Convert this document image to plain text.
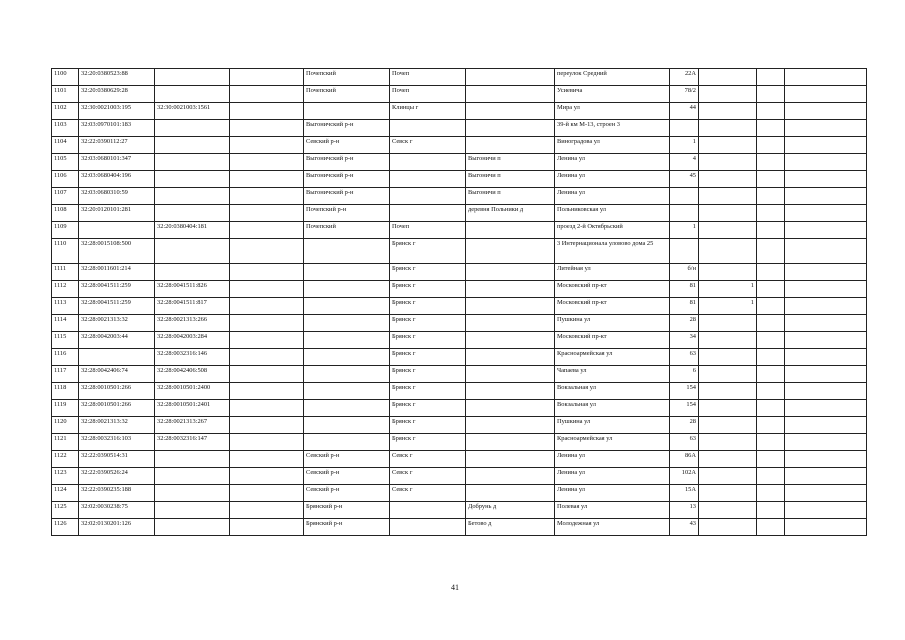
1100	32:20:0380523:88			Почепский	Почеп		переулок Средний	22А			
1101	32:20:0380629:28			Почепский	Почеп		Усиевича	78/2			
1102	32:30:0021003:195	32:30:0021003:1561			Клинцы г		Мира ул	44			
1103	32:03:0970101:183			Выгоничский р-н			39-й км М-13, строен 3				
1104	32:22:0390112:27			Севский р-н	Севск г		Виноградова ул	1			
1105	32:03:0680101:347			Выгоничский р-н		Выгоничи п	Ленина ул	4			
1106	32:03:0680404:196			Выгоничский р-н		Выгоничи п	Ленина ул	45			
1107	32:03:0680310:59			Выгоничский р-н		Выгоничи п	Ленина ул				
1108	32:20:0120101:281			Почепский р-н		деревня Польники д	Польниковская ул				
1109		32:20:0380404:181		Почепский	Почеп		проезд 2-й Октябрьский	1			
1110	32:28:0015108:500				Брянск г		3 Интернационала уловово дома 25				
1111	32:28:0011601:214				Брянск г		Литейная ул	б/н			
1112	32:28:0041511:259	32:28:0041511:826			Брянск г		Московский пр-кт	81	1		
1113	32:28:0041511:259	32:28:0041511:817			Брянск г		Московский пр-кт	81	1		
1114	32:28:0021313:32	32:28:0021313:266			Брянск г		Пушкина ул	28			
1115	32:28:0042003:44	32:28:0042003:284			Брянск г		Московский пр-кт	34			
1116		32:28:0032316:146			Брянск г		Красноармейская ул	63			
1117	32:28:0042406:74	32:28:0042406:508			Брянск г		Чапаева ул	6			
1118	32:28:0010501:266	32:28:0010501:2400			Брянск г		Вокзальная ул	154			
1119	32:28:0010501:266	32:28:0010501:2401			Брянск г		Вокзальная ул	154			
1120	32:28:0021313:32	32:28:0021313:267			Брянск г		Пушкина ул	28			
1121	32:28:0032316:103	32:28:0032316:147			Брянск г		Красноармейская ул	63			
1122	32:22:0390514:31			Севский р-н	Севск г		Ленина ул	86А			
1123	32:22:0390526:24			Севский р-н	Севск г		Ленина ул	102А			
1124	32:22:0390235:188			Севский р-н	Севск г		Ленина ул	15А			
1125	32:02:0030238:75			Брянский р-н		Добрунь д	Полевая ул	13			
1126	32:02:0130201:126			Брянский р-н		Бетово д	Молодежная ул	43			
41
